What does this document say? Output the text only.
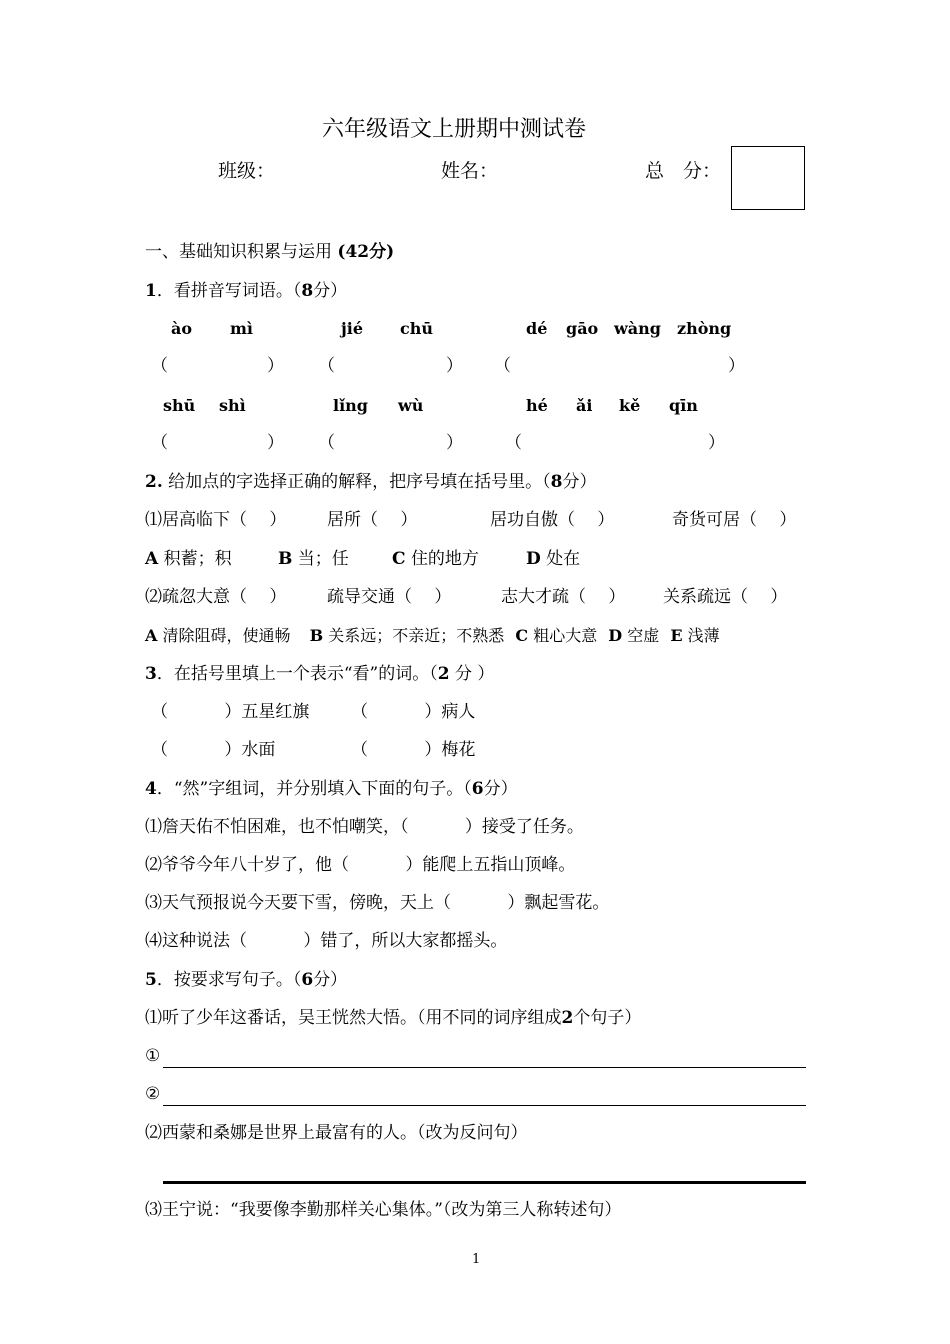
六年级语文上册期中测试卷
班级：	姓名：	总　分：
一、基础知识积累与运用 (42分)
1．看拼音写词语。（8分）
ào mì	jié chū	dé gāo wàng zhòng
（	） （	） （	）
shū shì	lǐng wù	hé ǎi kě qīn
（	） （	） （	）
2. 给加点的字选择正确的解释，把序号填在括号里。（8分）
⑴居高临下（　 ） 居所（　 ）	居功自傲（　 ）	奇货可居（　 ）
A 积蓄；积	B 当；任	C 住的地方	D 处在
⑵疏忽大意（　 ） 疏导交通（　 ）	志大才疏（　 ） 关系疏远（　 ）
A 清除阻碍，使通畅 B 关系远；不亲近；不熟悉 C 粗心大意 D 空虚 E 浅薄
3．在括号里填上一个表示“看”的词。（2 分 ）
（　　　 ）五星红旗 （　　　 ）病人
（　　　 ）水面	（　　　 ）梅花
4．“然”字组词，并分别填入下面的句子。（6分）
⑴詹天佑不怕困难，也不怕嘲笑，（　　　 ）接受了任务。
⑵爷爷今年八十岁了，他（　　　 ）能爬上五指山顶峰。
⑶天气预报说今天要下雪，傍晚，天上（　　　 ）飘起雪花。
⑷这种说法（　　　 ）错了，所以大家都摇头。
5．按要求写句子。（6分）
⑴听了少年这番话，吴王恍然大悟。（用不同的词序组成2个句子）
①
②
⑵西蒙和桑娜是世界上最富有的人。（改为反问句）
⑶王宁说：“我要像李勤那样关心集体。”（改为第三人称转述句）
1
